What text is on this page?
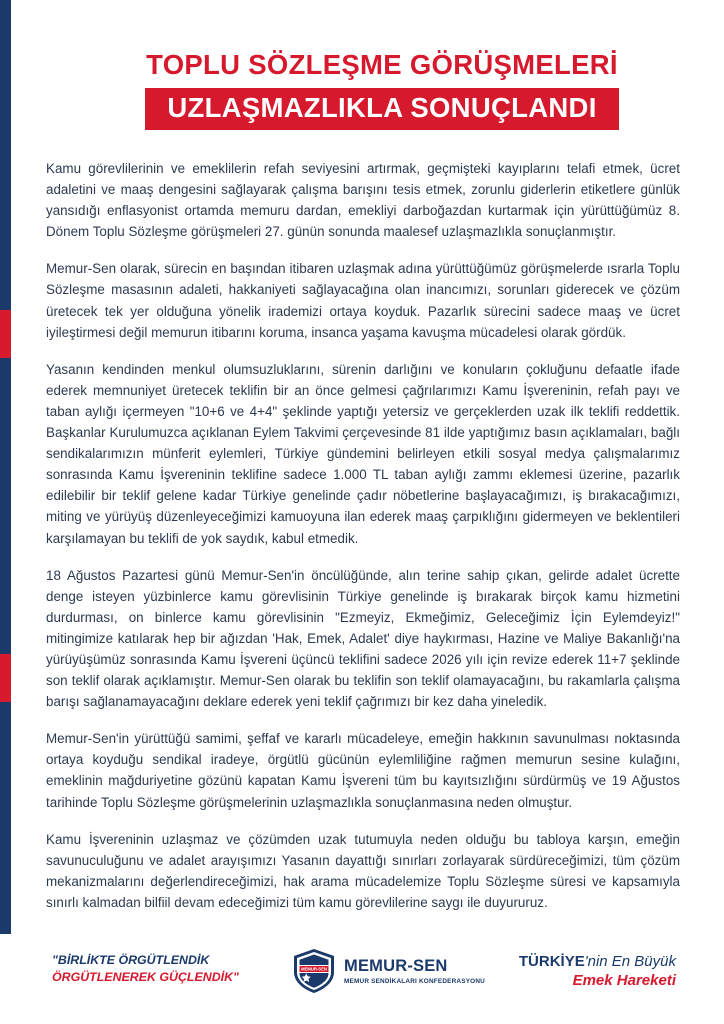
TOPLU SÖZLEŞME GÖRÜŞMELERİ
UZLAŞMAZLIKLA SONUÇLANDI

Kamu görevlilerinin ve emeklilerin refah seviyesini artırmak, geçmişteki kayıplarını telafi etmek, ücret adaletini ve maaş dengesini sağlayarak çalışma barışını tesis etmek, zorunlu giderlerin etiketlere günlük yansıdığı enflasyonist ortamda memuru dardan, emekliyi darboğazdan kurtarmak için yürüttüğümüz 8. Dönem Toplu Sözleşme görüşmeleri 27. günün sonunda maalesef uzlaşmazlıkla sonuçlanmıştır.

Memur-Sen olarak, sürecin en başından itibaren uzlaşmak adına yürüttüğümüz görüşmelerde ısrarla Toplu Sözleşme masasının adaleti, hakkaniyeti sağlayacağına olan inancımızı, sorunları giderecek ve çözüm üretecek tek yer olduğuna yönelik irademizi ortaya koyduk. Pazarlık sürecini sadece maaş ve ücret iyileştirmesi değil memurun itibarını koruma, insanca yaşama kavuşma mücadelesi olarak gördük.

Yasanın kendinden menkul olumsuzluklarını, sürenin darlığını ve konuların çokluğunu defaatle ifade ederek memnuniyet üretecek teklifin bir an önce gelmesi çağrılarımızı Kamu İşvereninin, refah payı ve taban aylığı içermeyen "10+6 ve 4+4" şeklinde yaptığı yetersiz ve gerçeklerden uzak ilk teklifi reddettik. Başkanlar Kurulumuzca açıklanan Eylem Takvimi çerçevesinde 81 ilde yaptığımız basın açıklamaları, bağlı sendikalarımızın münferit eylemleri, Türkiye gündemini belirleyen etkili sosyal medya çalışmalarımız sonrasında Kamu İşvereninin teklifine sadece 1.000 TL taban aylığı zammı eklemesi üzerine, pazarlık edilebilir bir teklif gelene kadar Türkiye genelinde çadır nöbetlerine başlayacağımızı, iş bırakacağımızı, miting ve yürüyüş düzenleyeceğimizi kamuoyuna ilan ederek maaş çarpıklığını gidermeyen ve beklentileri karşılamayan bu teklifi de yok saydık, kabul etmedik.

18 Ağustos Pazartesi günü Memur-Sen'in öncülüğünde, alın terine sahip çıkan, gelirde adalet ücrette denge isteyen yüzbinlerce kamu görevlisinin Türkiye genelinde iş bırakarak birçok kamu hizmetini durdurması, on binlerce kamu görevlisinin "Ezmeyiz, Ekmeğimiz, Geleceğimiz İçin Eylemdeyiz!" mitingimize katılarak hep bir ağızdan 'Hak, Emek, Adalet' diye haykırması, Hazine ve Maliye Bakanlığı'na yürüyüşümüz sonrasında Kamu İşvereni üçüncü teklifini sadece 2026 yılı için revize ederek 11+7 şeklinde son teklif olarak açıklamıştır. Memur-Sen olarak bu teklifin son teklif olamayacağını, bu rakamlarla çalışma barışı sağlanamayacağını deklare ederek yeni teklif çağrımızı bir kez daha yineledik.

Memur-Sen'in yürüttüğü samimi, şeffaf ve kararlı mücadeleye, emeğin hakkının savunulması noktasında ortaya koyduğu sendikal iradeye, örgütlü gücünün eylemliliğine rağmen memurun sesine kulağını, emeklinin mağduriyetine gözünü kapatan Kamu İşvereni tüm bu kayıtsızlığını sürdürmüş ve 19 Ağustos tarihinde Toplu Sözleşme görüşmelerinin uzlaşmazlıkla sonuçlanmasına neden olmuştur.

Kamu İşvereninin uzlaşmaz ve çözümden uzak tutumuyla neden olduğu bu tabloya karşın, emeğin savunuculuğunu ve adalet arayışımızı Yasanın dayattığı sınırları zorlayarak sürdüreceğimizi, tüm çözüm mekanizmalarını değerlendireceğimizi, hak arama mücadelemize Toplu Sözleşme süresi ve kapsamıyla sınırlı kalmadan bilfiil devam edeceğimizi tüm kamu görevlilerine saygı ile duyururuz.

"BİRLİKTE ÖRGÜTLENDİK
ÖRGÜTLENEREK GÜÇLENDİK"
MEMUR-SEN MEMUR-SEN
MEMUR SENDİKALARI KONFEDERASYONU
TÜRKİYE'nin En Büyük
Emek Hareketi
